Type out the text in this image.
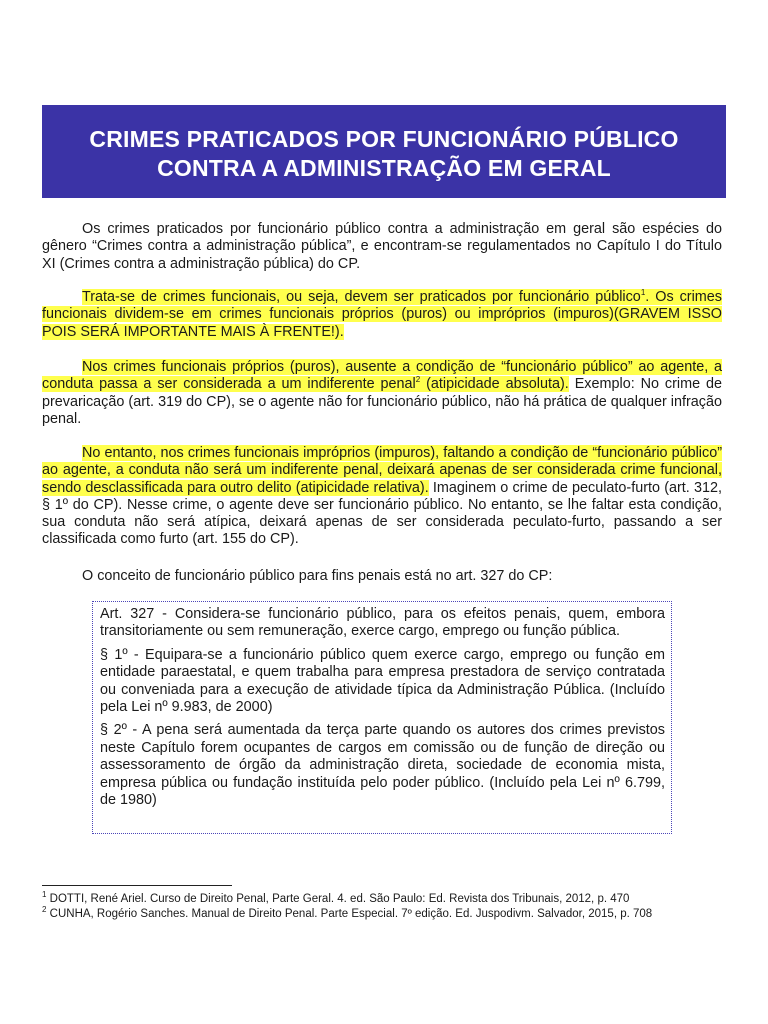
CRIMES PRATICADOS POR FUNCIONÁRIO PÚBLICO CONTRA A ADMINISTRAÇÃO EM GERAL

Os crimes praticados por funcionário público contra a administração em geral são espécies do gênero “Crimes contra a administração pública”, e encontram-se regulamentados no Capítulo I do Título XI (Crimes contra a administração pública) do CP.

Trata-se de crimes funcionais, ou seja, devem ser praticados por funcionário público$^1$. Os crimes funcionais dividem-se em crimes funcionais próprios (puros) ou impróprios (impuros)(GRAVEM ISSO POIS SERÁ IMPORTANTE MAIS À FRENTE!).

Nos crimes funcionais próprios (puros), ausente a condição de “funcionário público” ao agente, a conduta passa a ser considerada a um indiferente penal$^2$ (atipicidade absoluta). Exemplo: No crime de prevaricação (art. 319 do CP), se o agente não for funcionário público, não há prática de qualquer infração penal.

No entanto, nos crimes funcionais impróprios (impuros), faltando a condição de “funcionário público” ao agente, a conduta não será um indiferente penal, deixará apenas de ser considerada crime funcional, sendo desclassificada para outro delito (atipicidade relativa). Imaginem o crime de peculato-furto (art. 312, § 1º do CP). Nesse crime, o agente deve ser funcionário público. No entanto, se lhe faltar esta condição, sua conduta não será atípica, deixará apenas de ser considerada peculato-furto, passando a ser classificada como furto (art. 155 do CP).

O conceito de funcionário público para fins penais está no art. 327 do CP:

Art. 327 - Considera-se funcionário público, para os efeitos penais, quem, embora transitoriamente ou sem remuneração, exerce cargo, emprego ou função pública.

§ 1º - Equipara-se a funcionário público quem exerce cargo, emprego ou função em entidade paraestatal, e quem trabalha para empresa prestadora de serviço contratada ou conveniada para a execução de atividade típica da Administração Pública. (Incluído pela Lei nº 9.983, de 2000)

§ 2º - A pena será aumentada da terça parte quando os autores dos crimes previstos neste Capítulo forem ocupantes de cargos em comissão ou de função de direção ou assessoramento de órgão da administração direta, sociedade de economia mista, empresa pública ou fundação instituída pelo poder público. (Incluído pela Lei nº 6.799, de 1980)

$^1$ DOTTI, René Ariel. Curso de Direito Penal, Parte Geral. 4. ed. São Paulo: Ed. Revista dos Tribunais, 2012, p. 470

$^2$ CUNHA, Rogério Sanches. Manual de Direito Penal. Parte Especial. 7º edição. Ed. Juspodivm. Salvador, 2015, p. 708
